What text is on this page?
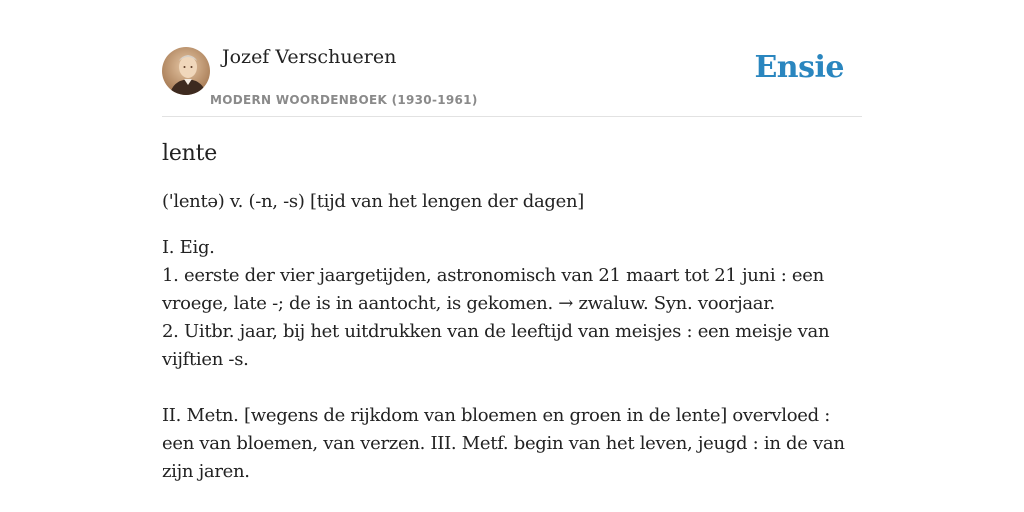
Jozef Verschueren
MODERN WOORDENBOEK (1930-1961)
Ensie
lente
('lentə) v. (-n, -s) [tijd van het lengen der dagen]
I. Eig.
1. eerste der vier jaargetijden, astronomisch van 21 maart tot 21 juni : een vroege, late -; de is in aantocht, is gekomen. → zwaluw. Syn. voorjaar.
2. Uitbr. jaar, bij het uitdrukken van de leeftijd van meisjes : een meisje van vijftien -s.
II. Metn. [wegens de rijkdom van bloemen en groen in de lente] overvloed : een van bloemen, van verzen. III. Metf. begin van het leven, jeugd : in de van zijn jaren.
